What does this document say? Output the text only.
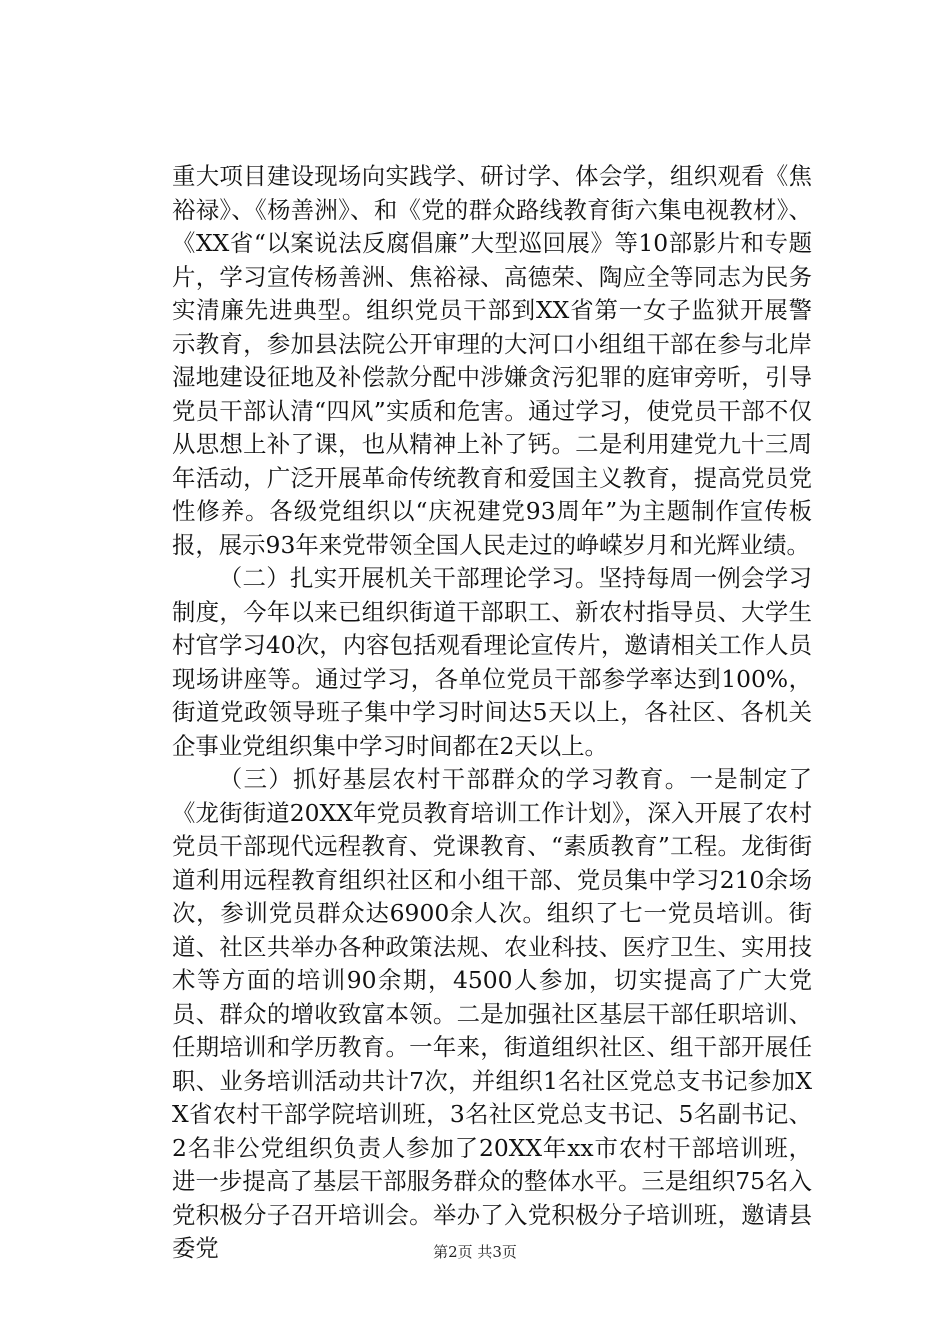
重大项目建设现场向实践学、研讨学、体会学，组织观看《焦裕禄》、《杨善洲》、和《党的群众路线教育街六集电视教材》、《XX省“以案说法反腐倡廉”大型巡回展》等10部影片和专题片，学习宣传杨善洲、焦裕禄、高德荣、陶应全等同志为民务实清廉先进典型。组织党员干部到XX省第一女子监狱开展警示教育，参加县法院公开审理的大河口小组组干部在参与北岸湿地建设征地及补偿款分配中涉嫌贪污犯罪的庭审旁听，引导党员干部认清“四风”实质和危害。通过学习，使党员干部不仅从思想上补了课，也从精神上补了钙。二是利用建党九十三周年活动，广泛开展革命传统教育和爱国主义教育，提高党员党性修养。各级党组织以“庆祝建党93周年”为主题制作宣传板报，展示93年来党带领全国人民走过的峥嵘岁月和光辉业绩。

（二）扎实开展机关干部理论学习。坚持每周一例会学习制度，今年以来已组织街道干部职工、新农村指导员、大学生村官学习40次，内容包括观看理论宣传片，邀请相关工作人员现场讲座等。通过学习，各单位党员干部参学率达到100%，街道党政领导班子集中学习时间达5天以上，各社区、各机关企事业党组织集中学习时间都在2天以上。

（三）抓好基层农村干部群众的学习教育。一是制定了《龙街街道20XX年党员教育培训工作计划》，深入开展了农村党员干部现代远程教育、党课教育、“素质教育”工程。龙街街道利用远程教育组织社区和小组干部、党员集中学习210余场次，参训党员群众达6900余人次。组织了七一党员培训。街道、社区共举办各种政策法规、农业科技、医疗卫生、实用技术等方面的培训90余期，4500人参加，切实提高了广大党员、群众的增收致富本领。二是加强社区基层干部任职培训、任期培训和学历教育。一年来，街道组织社区、组干部开展任职、业务培训活动共计7次，并组织1名社区党总支书记参加XX省农村干部学院培训班，3名社区党总支书记、5名副书记、2名非公党组织负责人参加了20XX年xx市农村干部培训班，进一步提高了基层干部服务群众的整体水平。三是组织75名入党积极分子召开培训会。举办了入党积极分子培训班，邀请县委党	第2页 共3页
